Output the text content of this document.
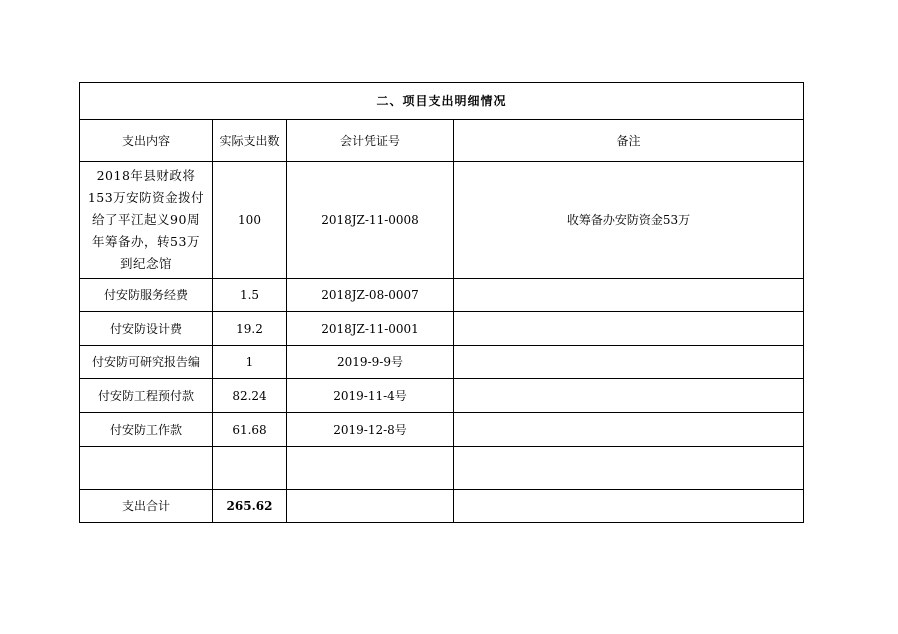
二、项目支出明细情况			
支出内容	实际支出数	会计凭证号	备注

2018年县财政将153万安防资金拨付给了平江起义90周年筹备办，转53万到纪念馆	100	2018JZ-11-0008	收筹备办安防资金53万
付安防服务经费	1.5	2018JZ-08-0007	
付安防设计费	19.2	2018JZ-11-0001	
付安防可研究报告编	1	2019-9-9号	
付安防工程预付款	82.24	2019-11-4号	
付安防工作款	61.68	2019-12-8号	

支出合计	265.62		
